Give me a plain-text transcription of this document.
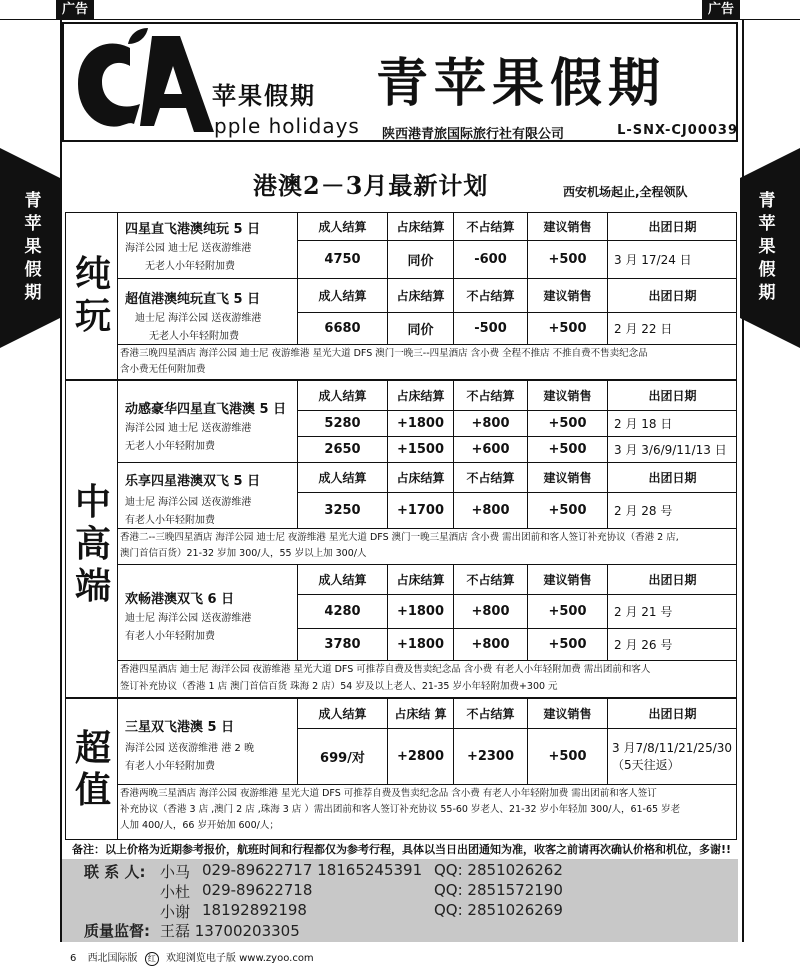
广告	广告
苹果假期
pple holidays
青苹果假期
陕西港青旅国际旅行社有限公司	L-SNX-CJ00039
青
苹
果
假
期
青
苹
果
假
期
港澳2－3月最新计划	西安机场起止,全程领队
纯玩
中高端
超值
四星直飞港澳纯玩 5 日
海洋公园 迪士尼 送夜游维港
无老人小年轻附加费
成人结算	占床结算	不占结算	建议销售	出团日期
4750	同价	-600	+500	3 月 17/24 日
超值港澳纯玩直飞 5 日
迪士尼 海洋公园 送夜游维港
无老人小年轻附加费
成人结算	占床结算	不占结算	建议销售	出团日期
6680	同价	-500	+500	2 月 22 日
香港三晚四星酒店 海洋公园 迪士尼 夜游维港 星光大道 DFS 澳门一晚三--四星酒店 含小费 全程不推店 不推自费不售卖纪念品
含小费无任何附加费
动感豪华四星直飞港澳 5 日
海洋公园 迪士尼 送夜游维港
无老人小年轻附加费
成人结算	占床结算	不占结算	建议销售	出团日期
5280	+1800	+800	+500	2 月 18 日
2650	+1500	+600	+500	3 月 3/6/9/11/13 日
乐享四星港澳双飞 5 日
迪士尼 海洋公园 送夜游维港
有老人小年轻附加费
成人结算	占床结算	不占结算	建议销售	出团日期
3250	+1700	+800	+500	2 月 28 号
香港二--三晚四星酒店 海洋公园 迪士尼 夜游维港 星光大道 DFS 澳门一晚三星酒店 含小费 需出团前和客人签订补充协议（香港 2 店,
澳门首信百货）21-32 岁加 300/人，55 岁以上加 300/人
欢畅港澳双飞 6 日
迪士尼 海洋公园 送夜游维港
有老人小年轻附加费
成人结算	占床结算	不占结算	建议销售	出团日期
4280	+1800	+800	+500	2 月 21 号
3780	+1800	+800	+500	2 月 26 号
香港四星酒店 迪士尼 海洋公园 夜游维港 星光大道 DFS 可推荐自费及售卖纪念品 含小费 有老人小年轻附加费 需出团前和客人
签订补充协议（香港 1 店 澳门首信百货 珠海 2 店）54 岁及以上老人、21-35 岁小年轻附加费+300 元
三星双飞港澳 5 日
海洋公园 送夜游维港 港 2 晚
有老人小年轻附加费
成人结算	占床结 算	不占结算	建议销售	出团日期
699/对	+2800	+2300	+500
3 月7/8/11/21/25/30
（5天往返）
香港两晚三星酒店 海洋公园 夜游维港 星光大道 DFS 可推荐自费及售卖纪念品 含小费 有老人小年轻附加费 需出团前和客人签订
补充协议（香港 3 店 ,澳门 2 店 ,珠海 3 店 ）需出团前和客人签订补充协议 55-60 岁老人、21-32 岁小年轻加 300/人，61-65 岁老
人加 400/人，66 岁开始加 600/人；
备注：以上价格为近期参考报价，航班时间和行程都仅为参考行程，具体以当日出团通知为准，收客之前请再次确认价格和机位，多谢!!
联 系 人: 小马 029-89622717 18165245391 QQ: 2851026262
小杜 029-89622718	QQ: 2851572190
小谢 18192892198	QQ: 2851026269
质量监督: 王磊 13700203305
6 西北国际版 红 欢迎浏览电子版 www.zyoo.com
